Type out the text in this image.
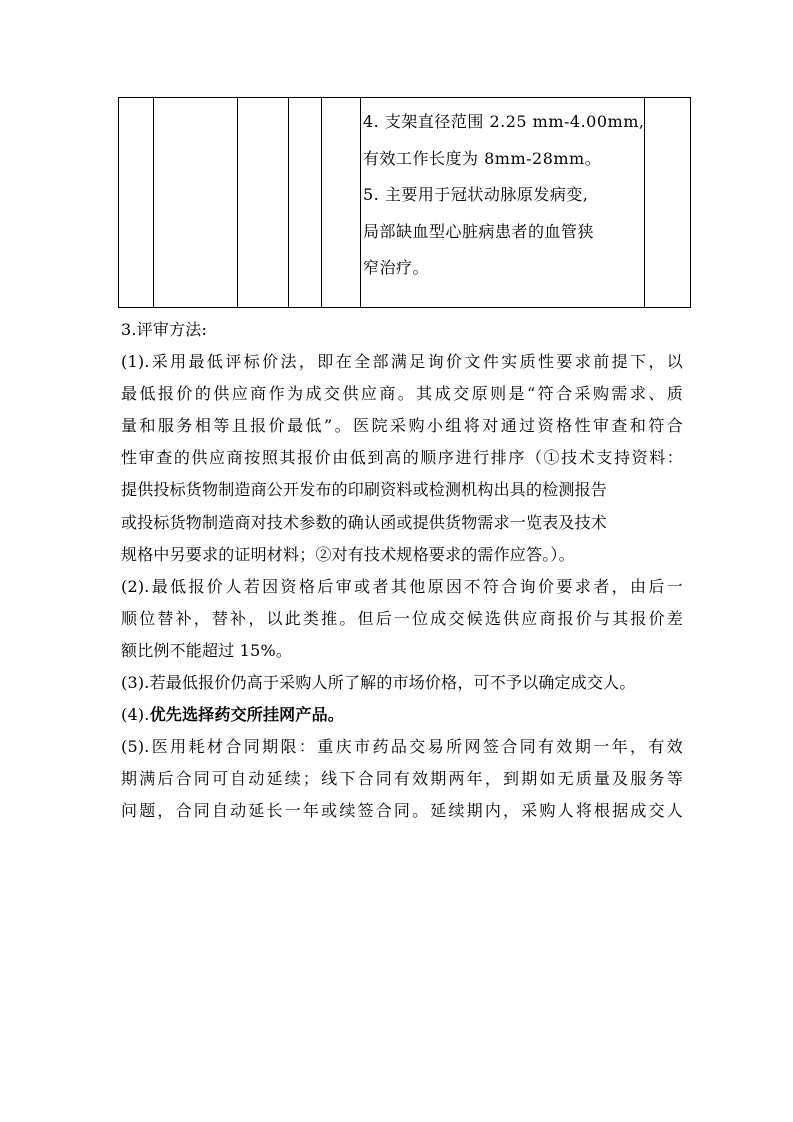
4. 支架直径范围 2.25 mm-4.00mm,
有效工作长度为 8mm-28mm。
5. 主要用于冠状动脉原发病变,
局部缺血型心脏病患者的血管狭
窄治疗。

3.评审方法:
(1).采用最低评标价法，即在全部满足询价文件实质性要求前提下，以
最低报价的供应商作为成交供应商。其成交原则是“符合采购需求、质
量和服务相等且报价最低”。医院采购小组将对通过资格性审查和符合
性审查的供应商按照其报价由低到高的顺序进行排序（①技术支持资料：
提供投标货物制造商公开发布的印刷资料或检测机构出具的检测报告
或投标货物制造商对技术参数的确认函或提供货物需求一览表及技术
规格中另要求的证明材料；②对有技术规格要求的需作应答。）。
(2).最低报价人若因资格后审或者其他原因不符合询价要求者，由后一
顺位替补，替补，以此类推。但后一位成交候选供应商报价与其报价差
额比例不能超过 15%。
(3).若最低报价仍高于采购人所了解的市场价格，可不予以确定成交人。
(4).优先选择药交所挂网产品。
(5).医用耗材合同期限：重庆市药品交易所网签合同有效期一年，有效
期满后合同可自动延续；线下合同有效期两年，到期如无质量及服务等
问题，合同自动延长一年或续签合同。延续期内，采购人将根据成交人
